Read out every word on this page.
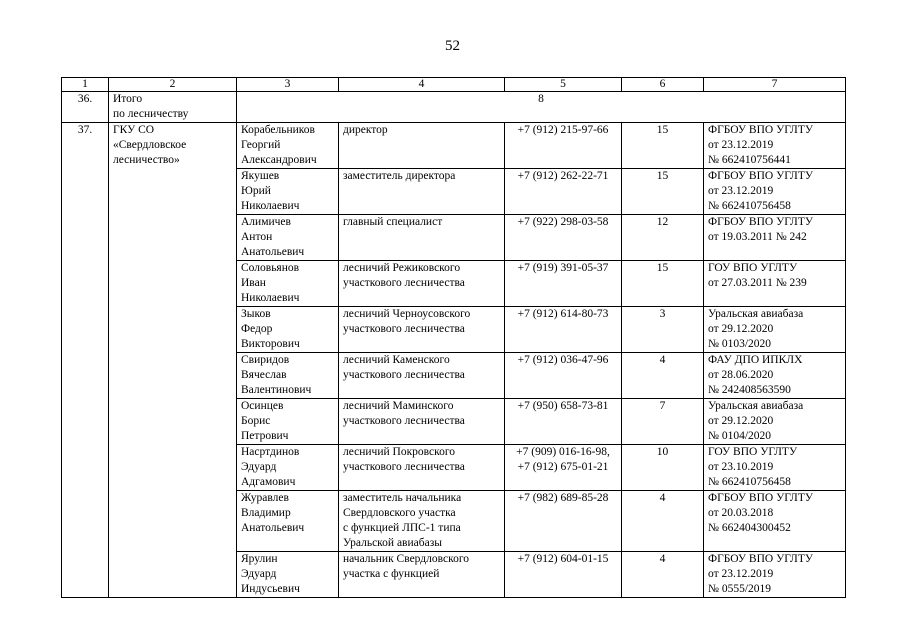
52
1	2	3	4	5	6	7
36.	Итого
по лесничеству	8				
37.	ГКУ СО
«Свердловское
лесничество»	Корабельников
Георгий
Александрович	директор	+7 (912) 215-97-66	15	ФГБОУ ВПО УГЛТУ
от 23.12.2019
№ 662410756441

		Якушев
Юрий
Николаевич	заместитель директора	+7 (912) 262-22-71	15	ФГБОУ ВПО УГЛТУ
от 23.12.2019
№ 662410756458

		Алимичев
Антон
Анатольевич	главный специалист	+7 (922) 298-03-58	12	ФГБОУ ВПО УГЛТУ
от 19.03.2011 № 242

		Соловьянов
Иван
Николаевич	лесничий Режиковского
участкового лесничества	+7 (919) 391-05-37	15	ГОУ ВПО УГЛТУ
от 27.03.2011 № 239

		Зыков
Федор
Викторович	лесничий Черноусовского
участкового лесничества	+7 (912) 614-80-73	3	Уральская авиабаза
от 29.12.2020
№ 0103/2020

		Свиридов
Вячеслав
Валентинович	лесничий Каменского
участкового лесничества	+7 (912) 036-47-96	4	ФАУ ДПО ИПКЛХ
от 28.06.2020
№ 242408563590

		Осинцев
Борис
Петрович	лесничий Маминского
участкового лесничества	+7 (950) 658-73-81	7	Уральская авиабаза
от 29.12.2020
№ 0104/2020

		Насртдинов
Эдуард
Адгамович	лесничий Покровского
участкового лесничества	+7 (909) 016-16-98,
+7 (912) 675-01-21	10	ГОУ ВПО УГЛТУ
от 23.10.2019
№ 662410756458

		Журавлев
Владимир
Анатольевич	заместитель начальника
Свердловского участка
с функцией ЛПС-1 типа
Уральской авиабазы	+7 (982) 689-85-28	4	ФГБОУ ВПО УГЛТУ
от 20.03.2018
№ 662404300452

		Ярулин
Эдуард
Индусьевич	начальник Свердловского
участка с функцией	+7 (912) 604-01-15	4	ФГБОУ ВПО УГЛТУ
от 23.12.2019
№ 0555/2019
